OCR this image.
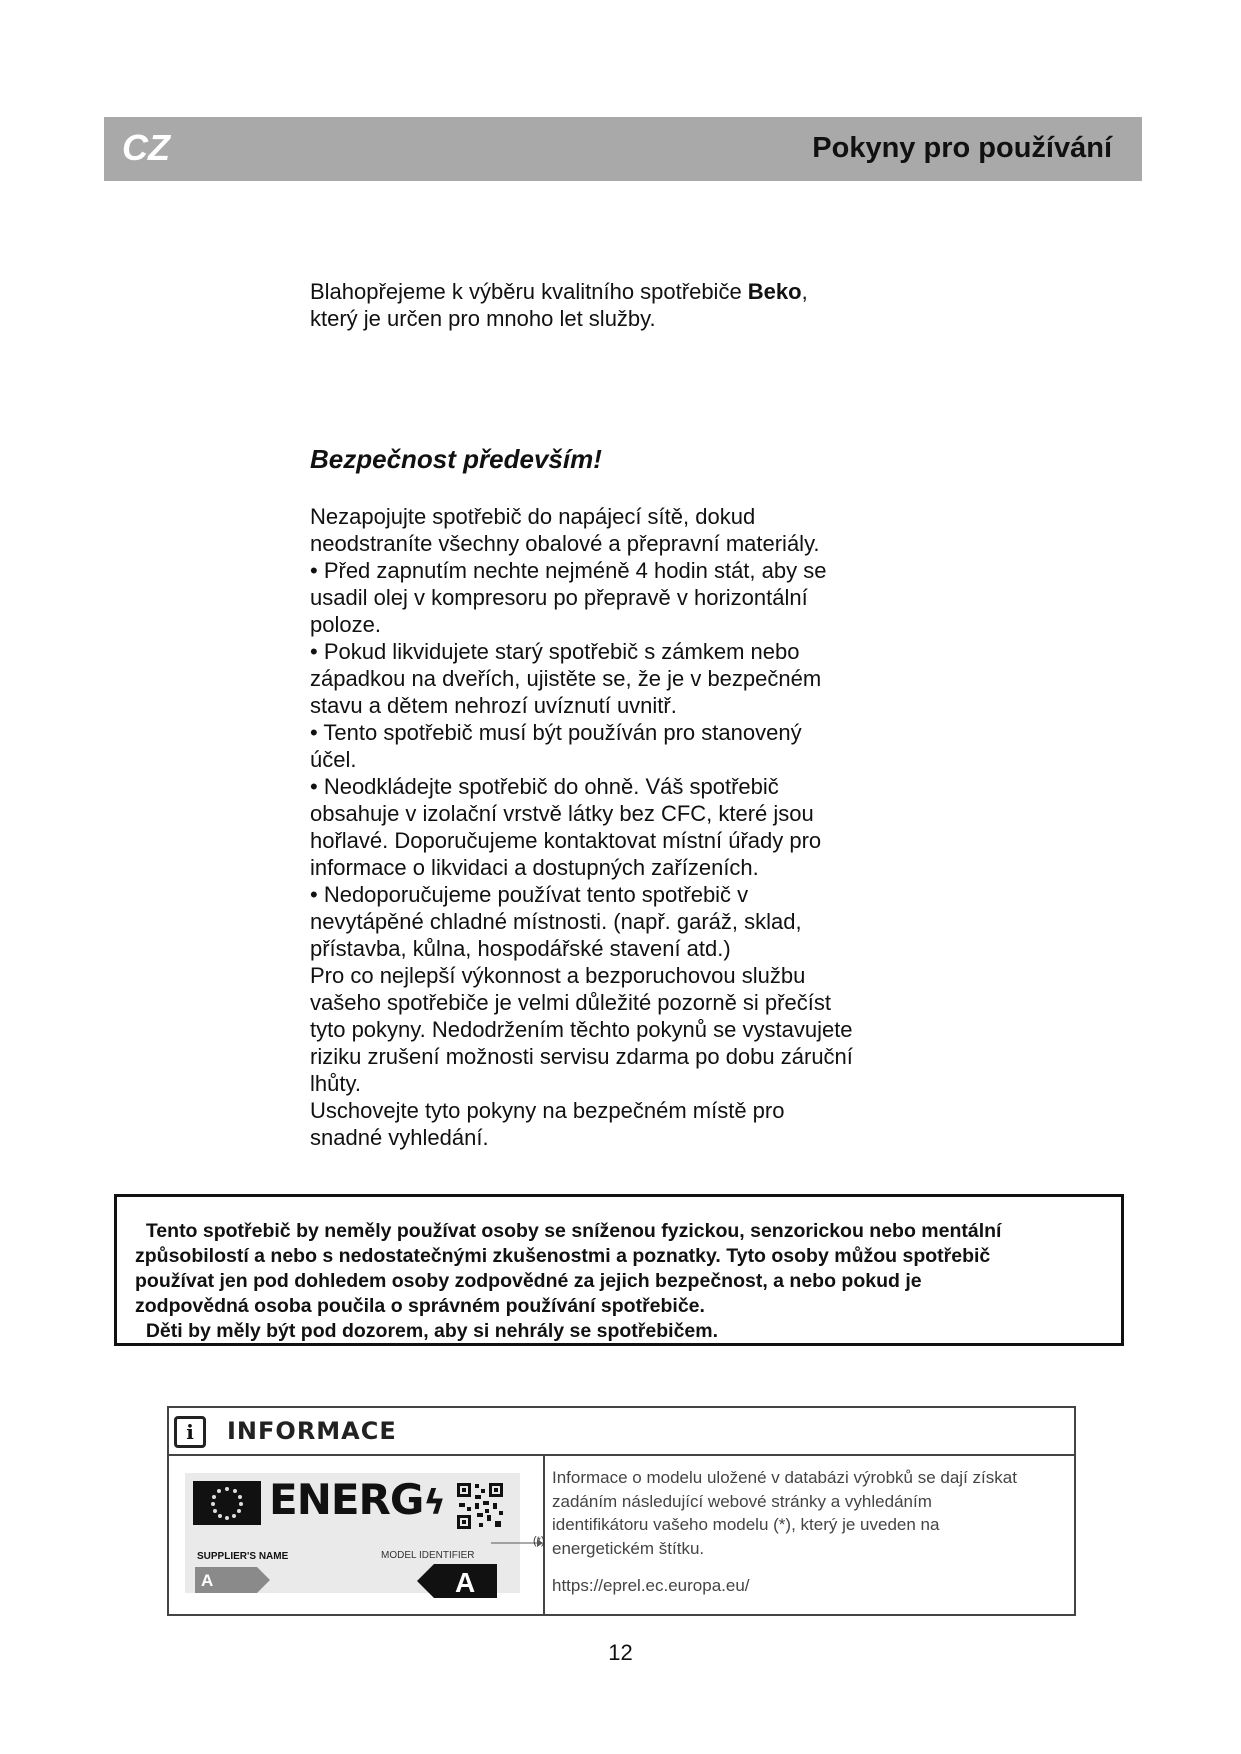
CZ	Pokyny pro používání
Blahopřejeme k výběru kvalitního spotřebiče Beko,
který je určen pro mnoho let služby.
Bezpečnost především!

Nezapojujte spotřebič do napájecí sítě, dokud
neodstraníte všechny obalové a přepravní materiály.

• Před zapnutím nechte nejméně 4 hodin stát, aby se
usadil olej v kompresoru po přepravě v horizontální
poloze.

• Pokud likvidujete starý spotřebič s zámkem nebo
západkou na dveřích, ujistěte se, že je v bezpečném
stavu a dětem nehrozí uvíznutí uvnitř.

• Tento spotřebič musí být používán pro stanovený
účel.

• Neodkládejte spotřebič do ohně. Váš spotřebič
obsahuje v izolační vrstvě látky bez CFC, které jsou
hořlavé. Doporučujeme kontaktovat místní úřady pro
informace o likvidaci a dostupných zařízeních.

• Nedoporučujeme používat tento spotřebič v
nevytápěné chladné místnosti. (např. garáž, sklad,
přístavba, kůlna, hospodářské stavení atd.)

Pro co nejlepší výkonnost a bezporuchovou službu
vašeho spotřebiče je velmi důležité pozorně si přečíst
tyto pokyny. Nedodržením těchto pokynů se vystavujete
riziku zrušení možnosti servisu zdarma po dobu záruční
lhůty.

Uschovejte tyto pokyny na bezpečném místě pro
snadné vyhledání.

Tento spotřebič by neměly používat osoby se sníženou fyzickou, senzorickou nebo mentální
způsobilostí a nebo s nedostatečnými zkušenostmi a poznatky. Tyto osoby můžou spotřebič
používat jen pod dohledem osoby zodpovědné za jejich bezpečnost, a nebo pokud je
zodpovědná osoba poučila o správném používání spotřebiče.

Děti by měly být pod dozorem, aby si nehrály se spotřebičem.

i	INFORMACE
ENERGϟ
SUPPLIER'S NAME	MODEL IDENTIFIER
A	A
(*)
Informace o modelu uložené v databázi výrobků se dají získat
zadáním následující webové stránky a vyhledáním
identifikátoru vašeho modelu (*), který je uveden na
energetickém štítku.
https://eprel.ec.europa.eu/
12
